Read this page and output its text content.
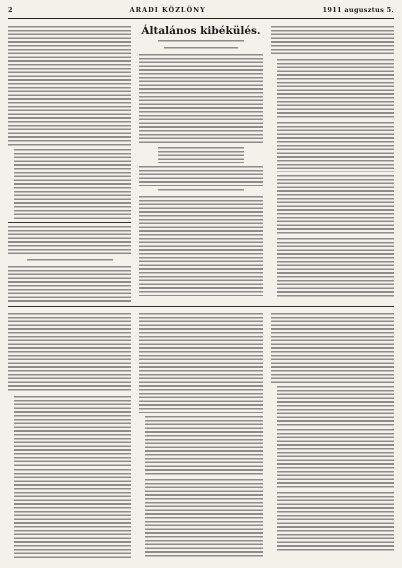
2	ARADI KÖZLÖNY	1911 augusztus 5.
Általános kibékülés.
